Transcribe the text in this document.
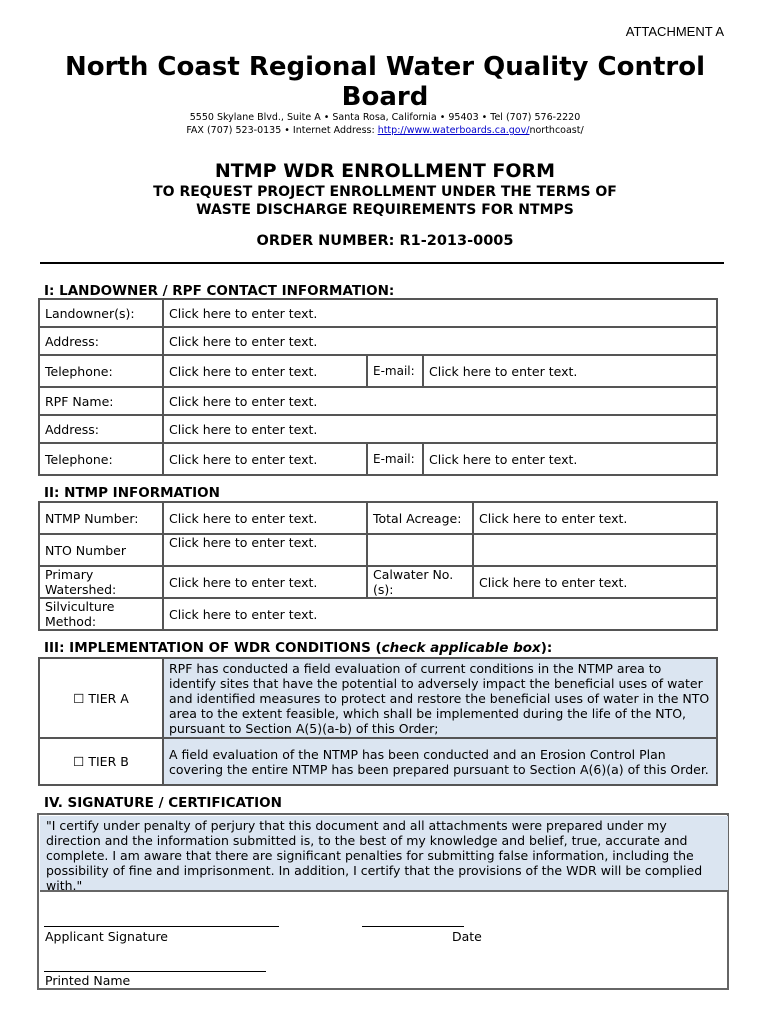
ATTACHMENT A
North Coast Regional Water Quality Control Board
5550 Skylane Blvd., Suite A • Santa Rosa, California • 95403 • Tel (707) 576-2220
FAX (707) 523-0135 • Internet Address: http://www.waterboards.ca.gov/northcoast/
NTMP WDR ENROLLMENT FORM
TO REQUEST PROJECT ENROLLMENT UNDER THE TERMS OF
WASTE DISCHARGE REQUIREMENTS FOR NTMPS
ORDER NUMBER: R1-2013-0005
I: LANDOWNER / RPF CONTACT INFORMATION:
Landowner(s):	Click here to enter text.		
Address:	Click here to enter text.		
Telephone:	Click here to enter text.	E-mail:	Click here to enter text.
RPF Name:	Click here to enter text.		
Address:	Click here to enter text.		
Telephone:	Click here to enter text.	E-mail:	Click here to enter text.
II: NTMP INFORMATION
NTMP Number:	Click here to enter text.	Total Acreage:	Click here to enter text.
NTO Number	Click here to enter text.		
Primary Watershed:	Click here to enter text.	Calwater No. (s):	Click here to enter text.
Silviculture Method:	Click here to enter text.		
III: IMPLEMENTATION OF WDR CONDITIONS (check applicable box):
☐ TIER A	RPF has conducted a field evaluation of current conditions in the NTMP area to identify sites that have the potential to adversely impact the beneficial uses of water and identified measures to protect and restore the beneficial uses of water in the NTO area to the extent feasible, which shall be implemented during the life of the NTO, pursuant to Section A(5)(a-b) of this Order;
☐ TIER B	A field evaluation of the NTMP has been conducted and an Erosion Control Plan covering the entire NTMP has been prepared pursuant to Section A(6)(a) of this Order.
IV. SIGNATURE / CERTIFICATION
"I certify under penalty of perjury that this document and all attachments were prepared under my direction and the information submitted is, to the best of my knowledge and belief, true, accurate and complete. I am aware that there are significant penalties for submitting false information, including the possibility of fine and imprisonment. In addition, I certify that the provisions of the WDR will be complied with."
Applicant Signature	Date
Printed Name
